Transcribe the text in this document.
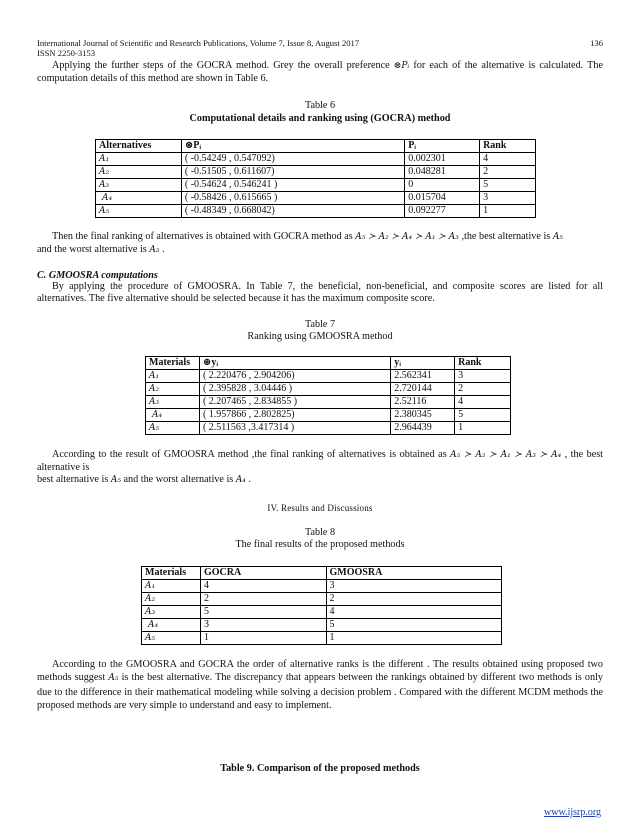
International Journal of Scientific and Research Publications, Volume 7, Issue 8, August 2017
ISSN 2250-3153
136

Applying the further steps of the GOCRA method. Grey the overall preference ⊗Pᵢ for each of the alternative is calculated. The computation details of this method are shown in Table 6.

Table 6
Computational details and ranking using (GOCRA) method
Alternatives	⊗Pᵢ	Pᵢ	Rank
A₁	( -0.54249 , 0.547092)	0.002301	4
A₂	( -0.51505 , 0.611607)	0.048281	2
A₃	( -0.54624 , 0.546241 )	0	5
A₄	( -0.58426 , 0.615665 )	0.015704	3
A₅	( -0.48349 , 0.668042)	0.092277	1

Then the final ranking of alternatives is obtained with GOCRA method as A₅ ≻ A₂ ≻ A₄ ≻ A₁ ≻ A₃ ,the best alternative is A₅
and the worst alternative is A₃ .

C. GMOOSRA computations

By applying the procedure of GMOOSRA. In Table 7, the beneficial, non-beneficial, and composite scores are listed for all alternatives. The five alternative should be selected because it has the maximum composite score.

Table 7
Ranking using GMOOSRA method
Materials	⊕yᵢ	yᵢ	Rank
A₁	( 2.220476 , 2.904206)	2.562341	3
A₂	( 2.395828 , 3.04446 )	2.720144	2
A₃	( 2.207465 , 2.834855 )	2.52116	4
A₄	( 1.957866 , 2.802825)	2.380345	5
A₅	( 2.511563 ,3.417314 )	2.964439	1

According to the result of GMOOSRA method ,the final ranking of alternatives is obtained as A₅ ≻ A₂ ≻ A₁ ≻ A₃ ≻ A₄ , the best alternative is
best alternative is A₅ and the worst alternative is A₄ .

IV. Results and Discussions
Table 8
The final results of the proposed methods
Materials	GOCRA	GMOOSRA
A₁	4	3
A₂	2	2
A₃	5	4
A₄	3	5
A₅	1	1

According to the GMOOSRA and GOCRA the order of alternative ranks is the different . The results obtained using proposed two methods suggest A₅ is the best alternative. The discrepancy that appears between the rankings obtained by different two methods is only due to the difference in their mathematical modeling while solving a decision problem . Compared with the different MCDM methods the proposed methods are very simple to understand and easy to implement.

Table 9. Comparison of the proposed methods
www.ijsrp.org
